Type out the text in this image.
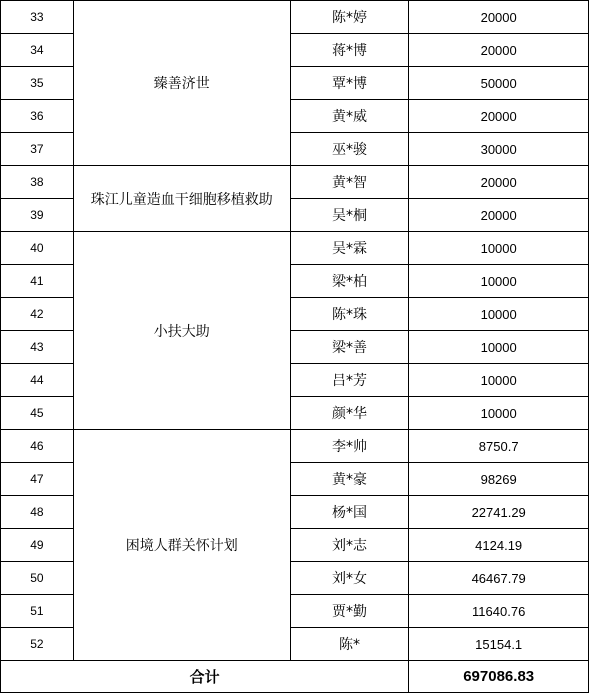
33	臻善济世	陈*婷	20000
34		蒋*博	20000
35		覃*博	50000
36		黄*威	20000
37		巫*骏	30000
38	珠江儿童造血干细胞移植救助	黄*智	20000
39		吴*桐	20000
40	小扶大助	吴*霖	10000
41		梁*柏	10000
42		陈*珠	10000
43		梁*善	10000
44		吕*芳	10000
45		颜*华	10000
46	困境人群关怀计划	李*帅	8750.7
47		黄*豪	98269
48		杨*国	22741.29
49		刘*志	4124.19
50		刘*女	46467.79
51		贾*勤	11640.76
52		陈*	15154.1
合计			697086.83
